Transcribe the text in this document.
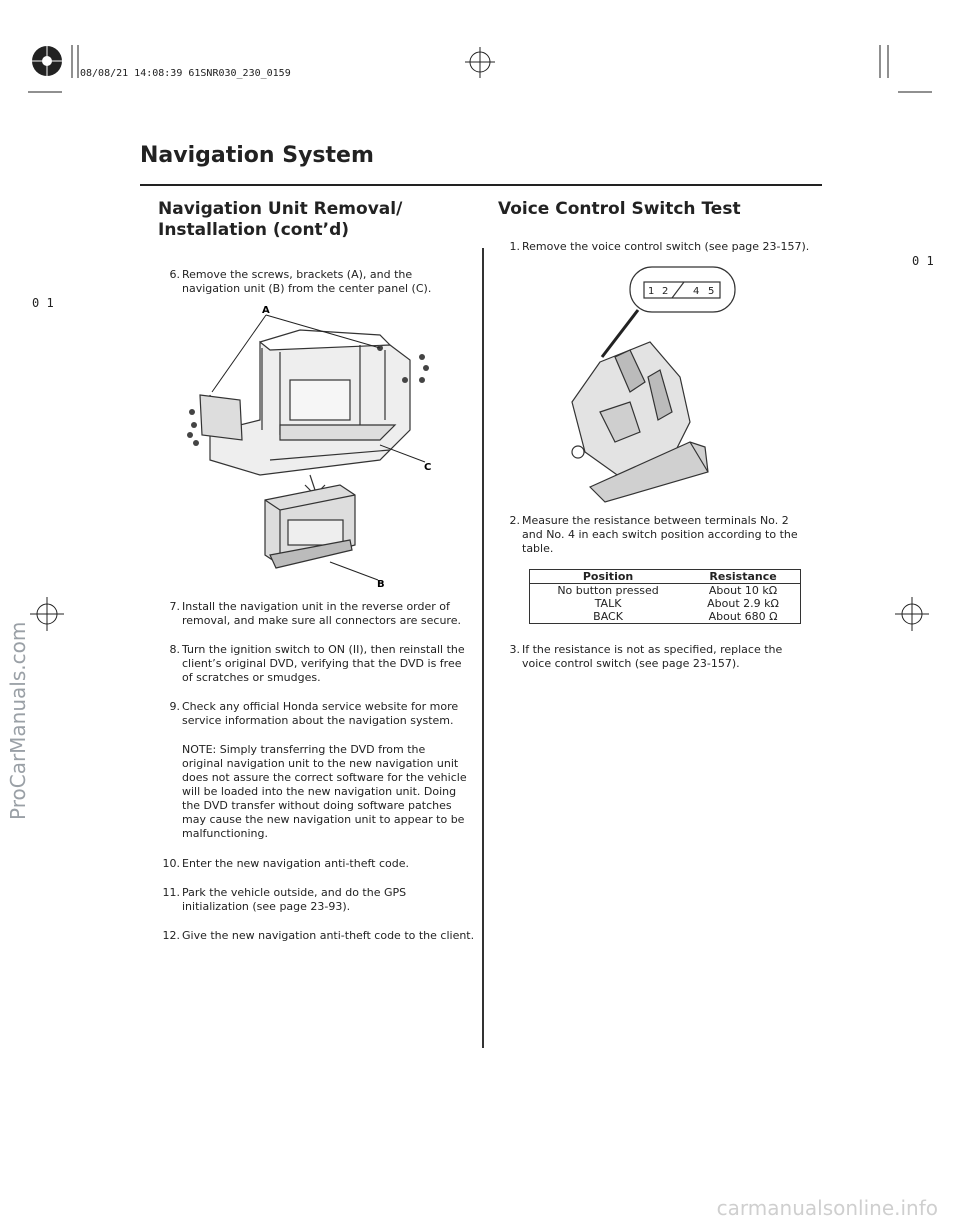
08/08/21 14:08:39 61SNR030_230_0159
0 1
0 1
Navigation System
Navigation Unit Removal/
Installation (cont’d)
Voice Control Switch Test
6. Remove the screws, brackets (A), and the
navigation unit (B) from the center panel (C).
A
C
B
7. Install the navigation unit in the reverse order of
removal, and make sure all connectors are secure.
8. Turn the ignition switch to ON (II), then reinstall the
client’s original DVD, verifying that the DVD is free
of scratches or smudges.
9. Check any official Honda service website for more
service information about the navigation system.
NOTE: Simply transferring the DVD from the
original navigation unit to the new navigation unit
does not assure the correct software for the vehicle
will be loaded into the new navigation unit. Doing
the DVD transfer without doing software patches
may cause the new navigation unit to appear to be
malfunctioning.
10. Enter the new navigation anti-theft code.
11. Park the vehicle outside, and do the GPS
initialization (see page 23-93).
12. Give the new navigation anti-theft code to the client.
1. Remove the voice control switch (see page 23-157).
1 2 4 5
2. Measure the resistance between terminals No. 2
and No. 4 in each switch position according to the
table.
Position	Resistance
No button pressed	About 10 kΩ
TALK	About 2.9 kΩ
BACK	About 680 Ω
3. If the resistance is not as specified, replace the
voice control switch (see page 23-157).
ProCarManuals.com
carmanualsonline.info
